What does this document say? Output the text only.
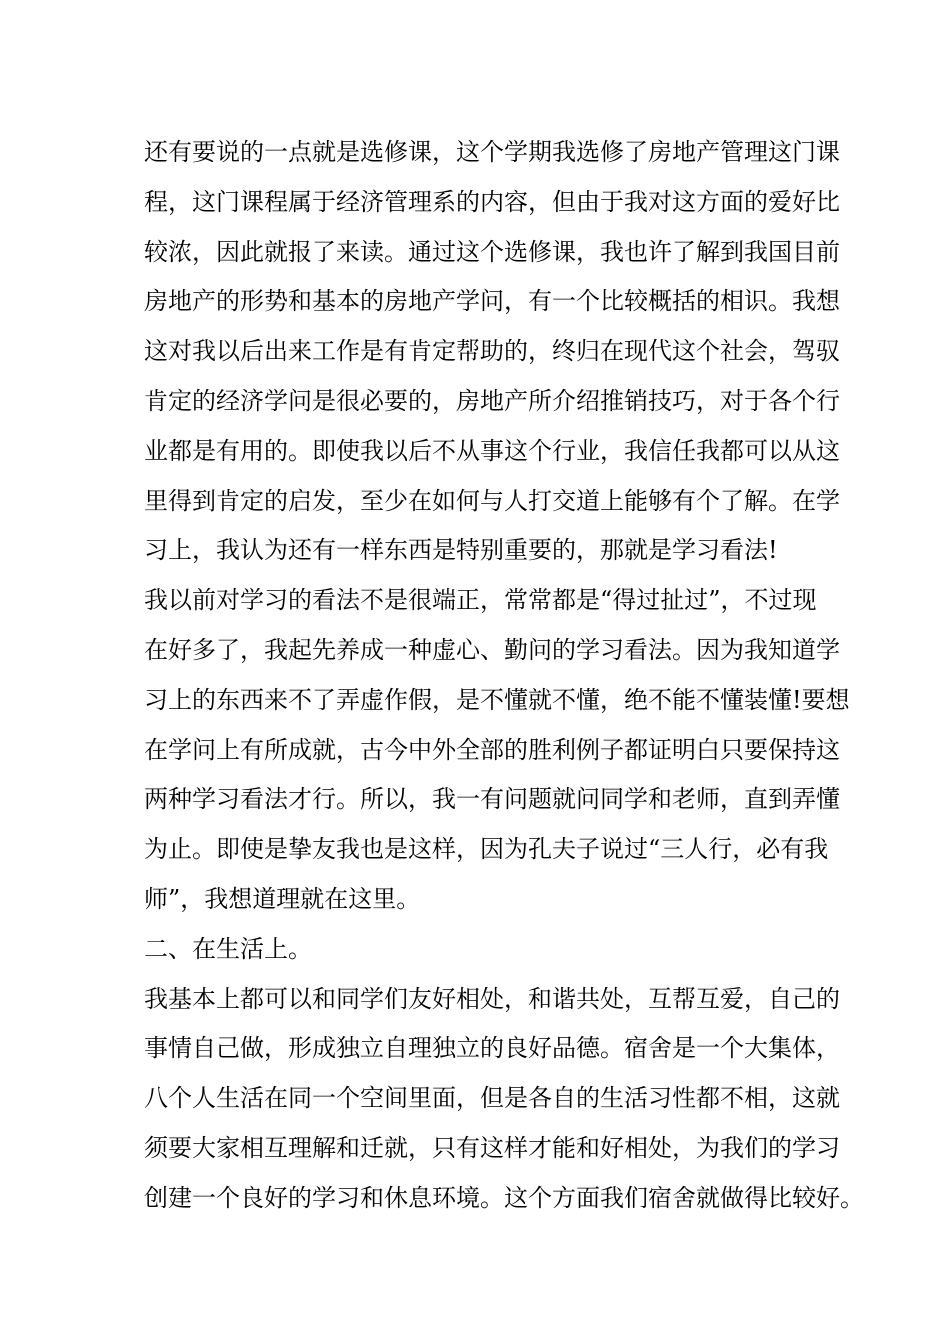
还有要说的一点就是选修课，这个学期我选修了房地产管理这门课
程，这门课程属于经济管理系的内容，但由于我对这方面的爱好比
较浓，因此就报了来读。通过这个选修课，我也许了解到我国目前
房地产的形势和基本的房地产学问，有一个比较概括的相识。我想
这对我以后出来工作是有肯定帮助的，终归在现代这个社会，驾驭
肯定的经济学问是很必要的，房地产所介绍推销技巧，对于各个行
业都是有用的。即使我以后不从事这个行业，我信任我都可以从这
里得到肯定的启发，至少在如何与人打交道上能够有个了解。在学
习上，我认为还有一样东西是特别重要的，那就是学习看法!
我以前对学习的看法不是很端正，常常都是“得过扯过”，不过现
在好多了，我起先养成一种虚心、勤问的学习看法。因为我知道学
习上的东西来不了弄虚作假，是不懂就不懂，绝不能不懂装懂!要想
在学问上有所成就，古今中外全部的胜利例子都证明白只要保持这
两种学习看法才行。所以，我一有问题就问同学和老师，直到弄懂
为止。即使是挚友我也是这样，因为孔夫子说过“三人行，必有我
师”，我想道理就在这里。
二、在生活上。
我基本上都可以和同学们友好相处，和谐共处，互帮互爱，自己的
事情自己做，形成独立自理独立的良好品德。宿舍是一个大集体，
八个人生活在同一个空间里面，但是各自的生活习性都不相，这就
须要大家相互理解和迁就，只有这样才能和好相处，为我们的学习
创建一个良好的学习和休息环境。这个方面我们宿舍就做得比较好。
